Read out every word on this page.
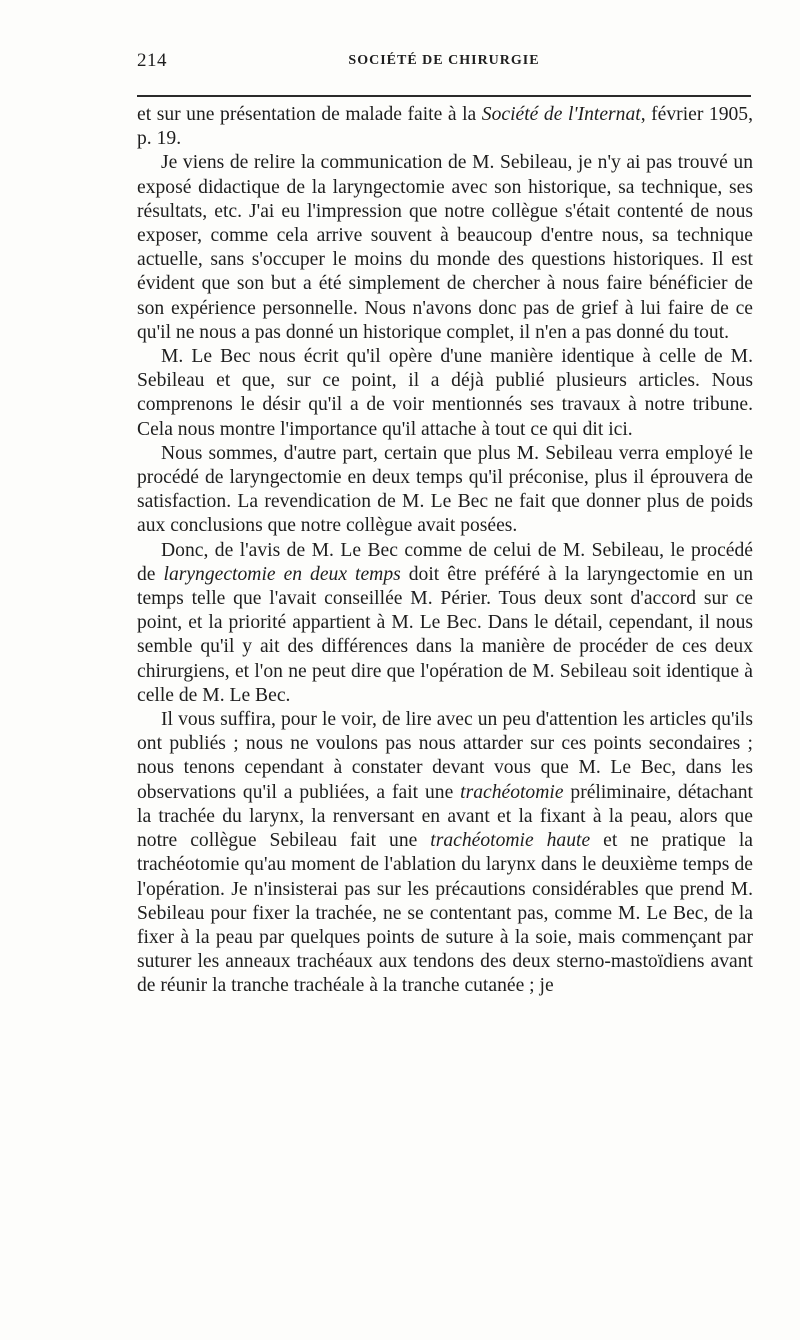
214	SOCIÉTÉ DE CHIRURGIE

et sur une présentation de malade faite à la Société de l'Internat, février 1905, p. 19.

Je viens de relire la communication de M. Sebileau, je n'y ai pas trouvé un exposé didactique de la laryngectomie avec son historique, sa technique, ses résultats, etc. J'ai eu l'impression que notre collègue s'était contenté de nous exposer, comme cela arrive souvent à beaucoup d'entre nous, sa technique actuelle, sans s'occuper le moins du monde des questions historiques. Il est évident que son but a été simplement de chercher à nous faire bénéficier de son expérience personnelle. Nous n'avons donc pas de grief à lui faire de ce qu'il ne nous a pas donné un historique complet, il n'en a pas donné du tout.

M. Le Bec nous écrit qu'il opère d'une manière identique à celle de M. Sebileau et que, sur ce point, il a déjà publié plusieurs articles. Nous comprenons le désir qu'il a de voir mentionnés ses travaux à notre tribune. Cela nous montre l'importance qu'il attache à tout ce qui dit ici.

Nous sommes, d'autre part, certain que plus M. Sebileau verra employé le procédé de laryngectomie en deux temps qu'il préconise, plus il éprouvera de satisfaction. La revendication de M. Le Bec ne fait que donner plus de poids aux conclusions que notre collègue avait posées.

Donc, de l'avis de M. Le Bec comme de celui de M. Sebileau, le procédé de laryngectomie en deux temps doit être préféré à la laryngectomie en un temps telle que l'avait conseillée M. Périer. Tous deux sont d'accord sur ce point, et la priorité appartient à M. Le Bec. Dans le détail, cependant, il nous semble qu'il y ait des différences dans la manière de procéder de ces deux chirurgiens, et l'on ne peut dire que l'opération de M. Sebileau soit identique à celle de M. Le Bec.

Il vous suffira, pour le voir, de lire avec un peu d'attention les articles qu'ils ont publiés ; nous ne voulons pas nous attarder sur ces points secondaires ; nous tenons cependant à constater devant vous que M. Le Bec, dans les observations qu'il a publiées, a fait une trachéotomie préliminaire, détachant la trachée du larynx, la renversant en avant et la fixant à la peau, alors que notre collègue Sebileau fait une trachéotomie haute et ne pratique la trachéotomie qu'au moment de l'ablation du larynx dans le deuxième temps de l'opération. Je n'insisterai pas sur les précautions considérables que prend M. Sebileau pour fixer la trachée, ne se contentant pas, comme M. Le Bec, de la fixer à la peau par quelques points de suture à la soie, mais commençant par suturer les anneaux trachéaux aux tendons des deux sterno-mastoïdiens avant de réunir la tranche trachéale à la tranche cutanée ; je
